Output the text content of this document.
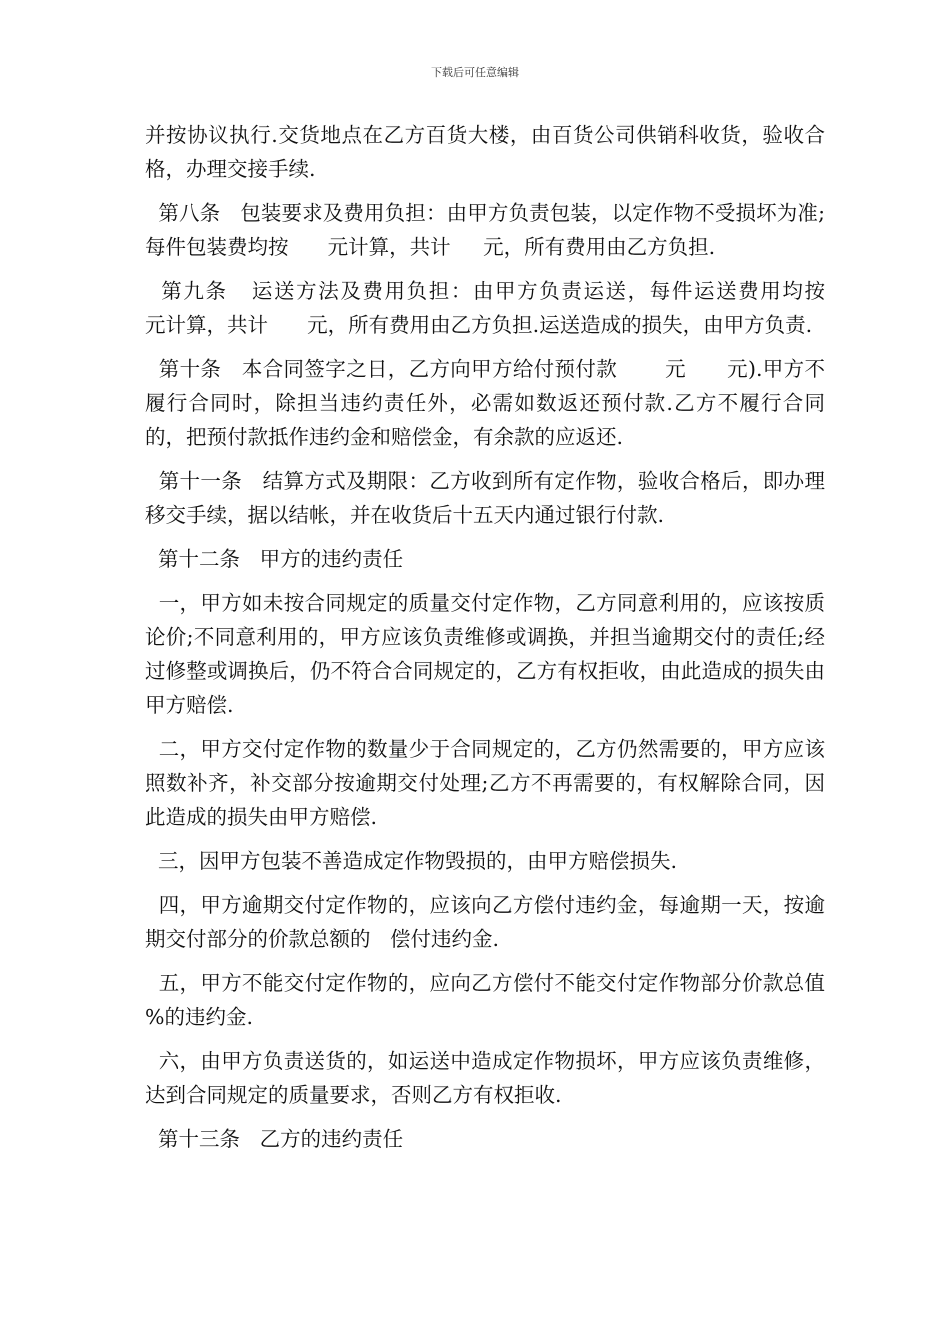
下载后可任意编辑

并按协议执行.交货地点在乙方百货大楼，由百货公司供销科收货，验收合格，办理交接手续.

第八条   包装要求及费用负担：由甲方负责包装，以定作物不受损坏为准;每件包装费均按      元计算，共计     元，所有费用由乙方负担.

第九条   运送方法及费用负担：由甲方负责运送，每件运送费用均按      元计算，共计      元，所有费用由乙方负担.运送造成的损失，由甲方负责.

第十条   本合同签字之日，乙方向甲方给付预付款       元      元).甲方不履行合同时，除担当违约责任外，必需如数返还预付款.乙方不履行合同的，把预付款抵作违约金和赔偿金，有余款的应返还.

第十一条   结算方式及期限：乙方收到所有定作物，验收合格后，即办理移交手续，据以结帐，并在收货后十五天内通过银行付款.

第十二条   甲方的违约责任

一，甲方如未按合同规定的质量交付定作物，乙方同意利用的，应该按质论价;不同意利用的，甲方应该负责维修或调换，并担当逾期交付的责任;经过修整或调换后，仍不符合合同规定的，乙方有权拒收，由此造成的损失由甲方赔偿.

二，甲方交付定作物的数量少于合同规定的，乙方仍然需要的，甲方应该照数补齐，补交部分按逾期交付处理;乙方不再需要的，有权解除合同，因此造成的损失由甲方赔偿.

三，因甲方包装不善造成定作物毁损的，由甲方赔偿损失.

四，甲方逾期交付定作物的，应该向乙方偿付违约金，每逾期一天，按逾期交付部分的价款总额的   偿付违约金.

五，甲方不能交付定作物的，应向乙方偿付不能交付定作物部分价款总值     %的违约金.

六，由甲方负责送货的，如运送中造成定作物损坏，甲方应该负责维修，达到合同规定的质量要求，否则乙方有权拒收.

第十三条   乙方的违约责任
